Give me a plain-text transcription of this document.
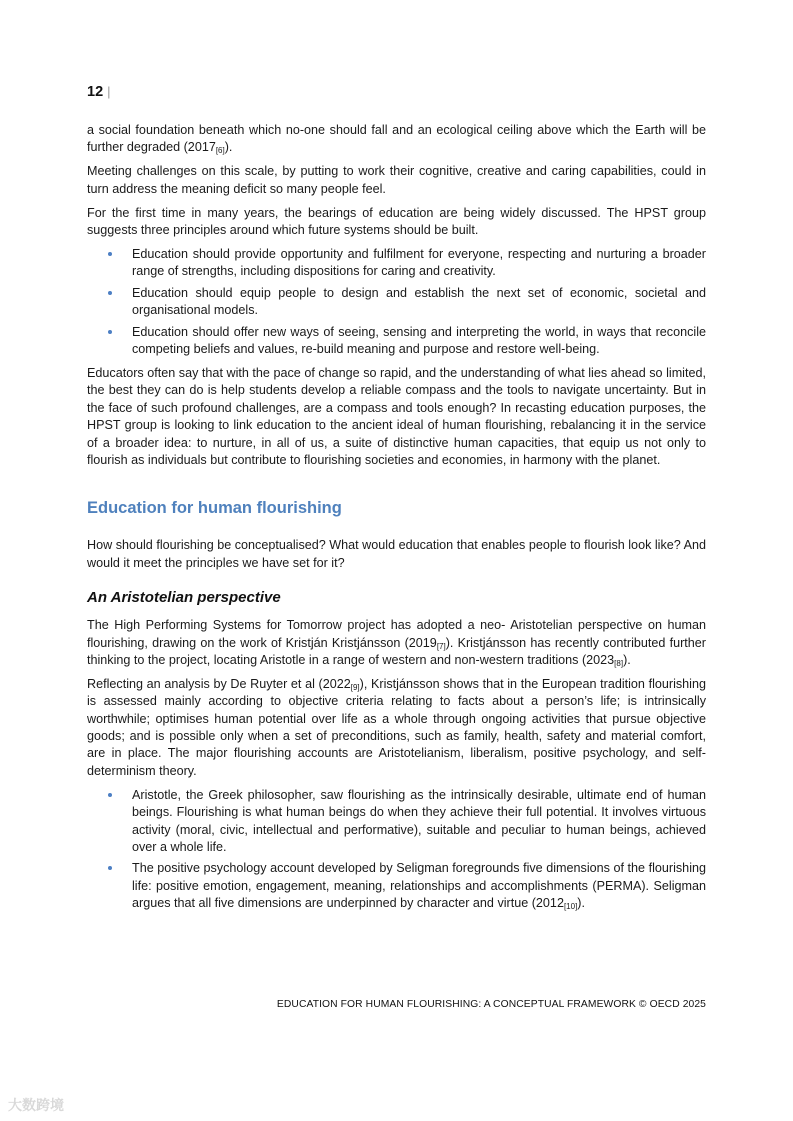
12 |

a social foundation beneath which no-one should fall and an ecological ceiling above which the Earth will be further degraded $(2017_{[6]})$.

Meeting challenges on this scale, by putting to work their cognitive, creative and caring capabilities, could in turn address the meaning deficit so many people feel.

For the first time in many years, the bearings of education are being widely discussed. The HPST group suggests three principles around which future systems should be built.

Education should provide opportunity and fulfilment for everyone, respecting and nurturing a broader range of strengths, including dispositions for caring and creativity.
Education should equip people to design and establish the next set of economic, societal and organisational models.
Education should offer new ways of seeing, sensing and interpreting the world, in ways that reconcile competing beliefs and values, re-build meaning and purpose and restore well-being.

Educators often say that with the pace of change so rapid, and the understanding of what lies ahead so limited, the best they can do is help students develop a reliable compass and the tools to navigate uncertainty. But in the face of such profound challenges, are a compass and tools enough? In recasting education purposes, the HPST group is looking to link education to the ancient ideal of human flourishing, rebalancing it in the service of a broader idea: to nurture, in all of us, a suite of distinctive human capacities, that equip us not only to flourish as individuals but contribute to flourishing societies and economies, in harmony with the planet.

Education for human flourishing

How should flourishing be conceptualised? What would education that enables people to flourish look like? And would it meet the principles we have set for it?

An Aristotelian perspective

The High Performing Systems for Tomorrow project has adopted a neo- Aristotelian perspective on human flourishing, drawing on the work of Kristján Kristjánsson $(2019_{[7]})$. Kristjánsson has recently contributed further thinking to the project, locating Aristotle in a range of western and non-western traditions $(2023_{[8]})$.

Reflecting an analysis by De Ruyter et al $(2022_{[9]})$, Kristjánsson shows that in the European tradition flourishing is assessed mainly according to objective criteria relating to facts about a person’s life; is intrinsically worthwhile; optimises human potential over life as a whole through ongoing activities that pursue objective goods; and is possible only when a set of preconditions, such as family, health, safety and material comfort, are in place. The major flourishing accounts are Aristotelianism, liberalism, positive psychology, and self-determinism theory.

Aristotle, the Greek philosopher, saw flourishing as the intrinsically desirable, ultimate end of human beings. Flourishing is what human beings do when they achieve their full potential. It involves virtuous activity (moral, civic, intellectual and performative), suitable and peculiar to human beings, achieved over a whole life.
The positive psychology account developed by Seligman foregrounds five dimensions of the flourishing life: positive emotion, engagement, meaning, relationships and accomplishments (PERMA). Seligman argues that all five dimensions are underpinned by character and virtue $(2012_{[10]})$.
EDUCATION FOR HUMAN FLOURISHING: A CONCEPTUAL FRAMEWORK © OECD 2025
大数跨境
